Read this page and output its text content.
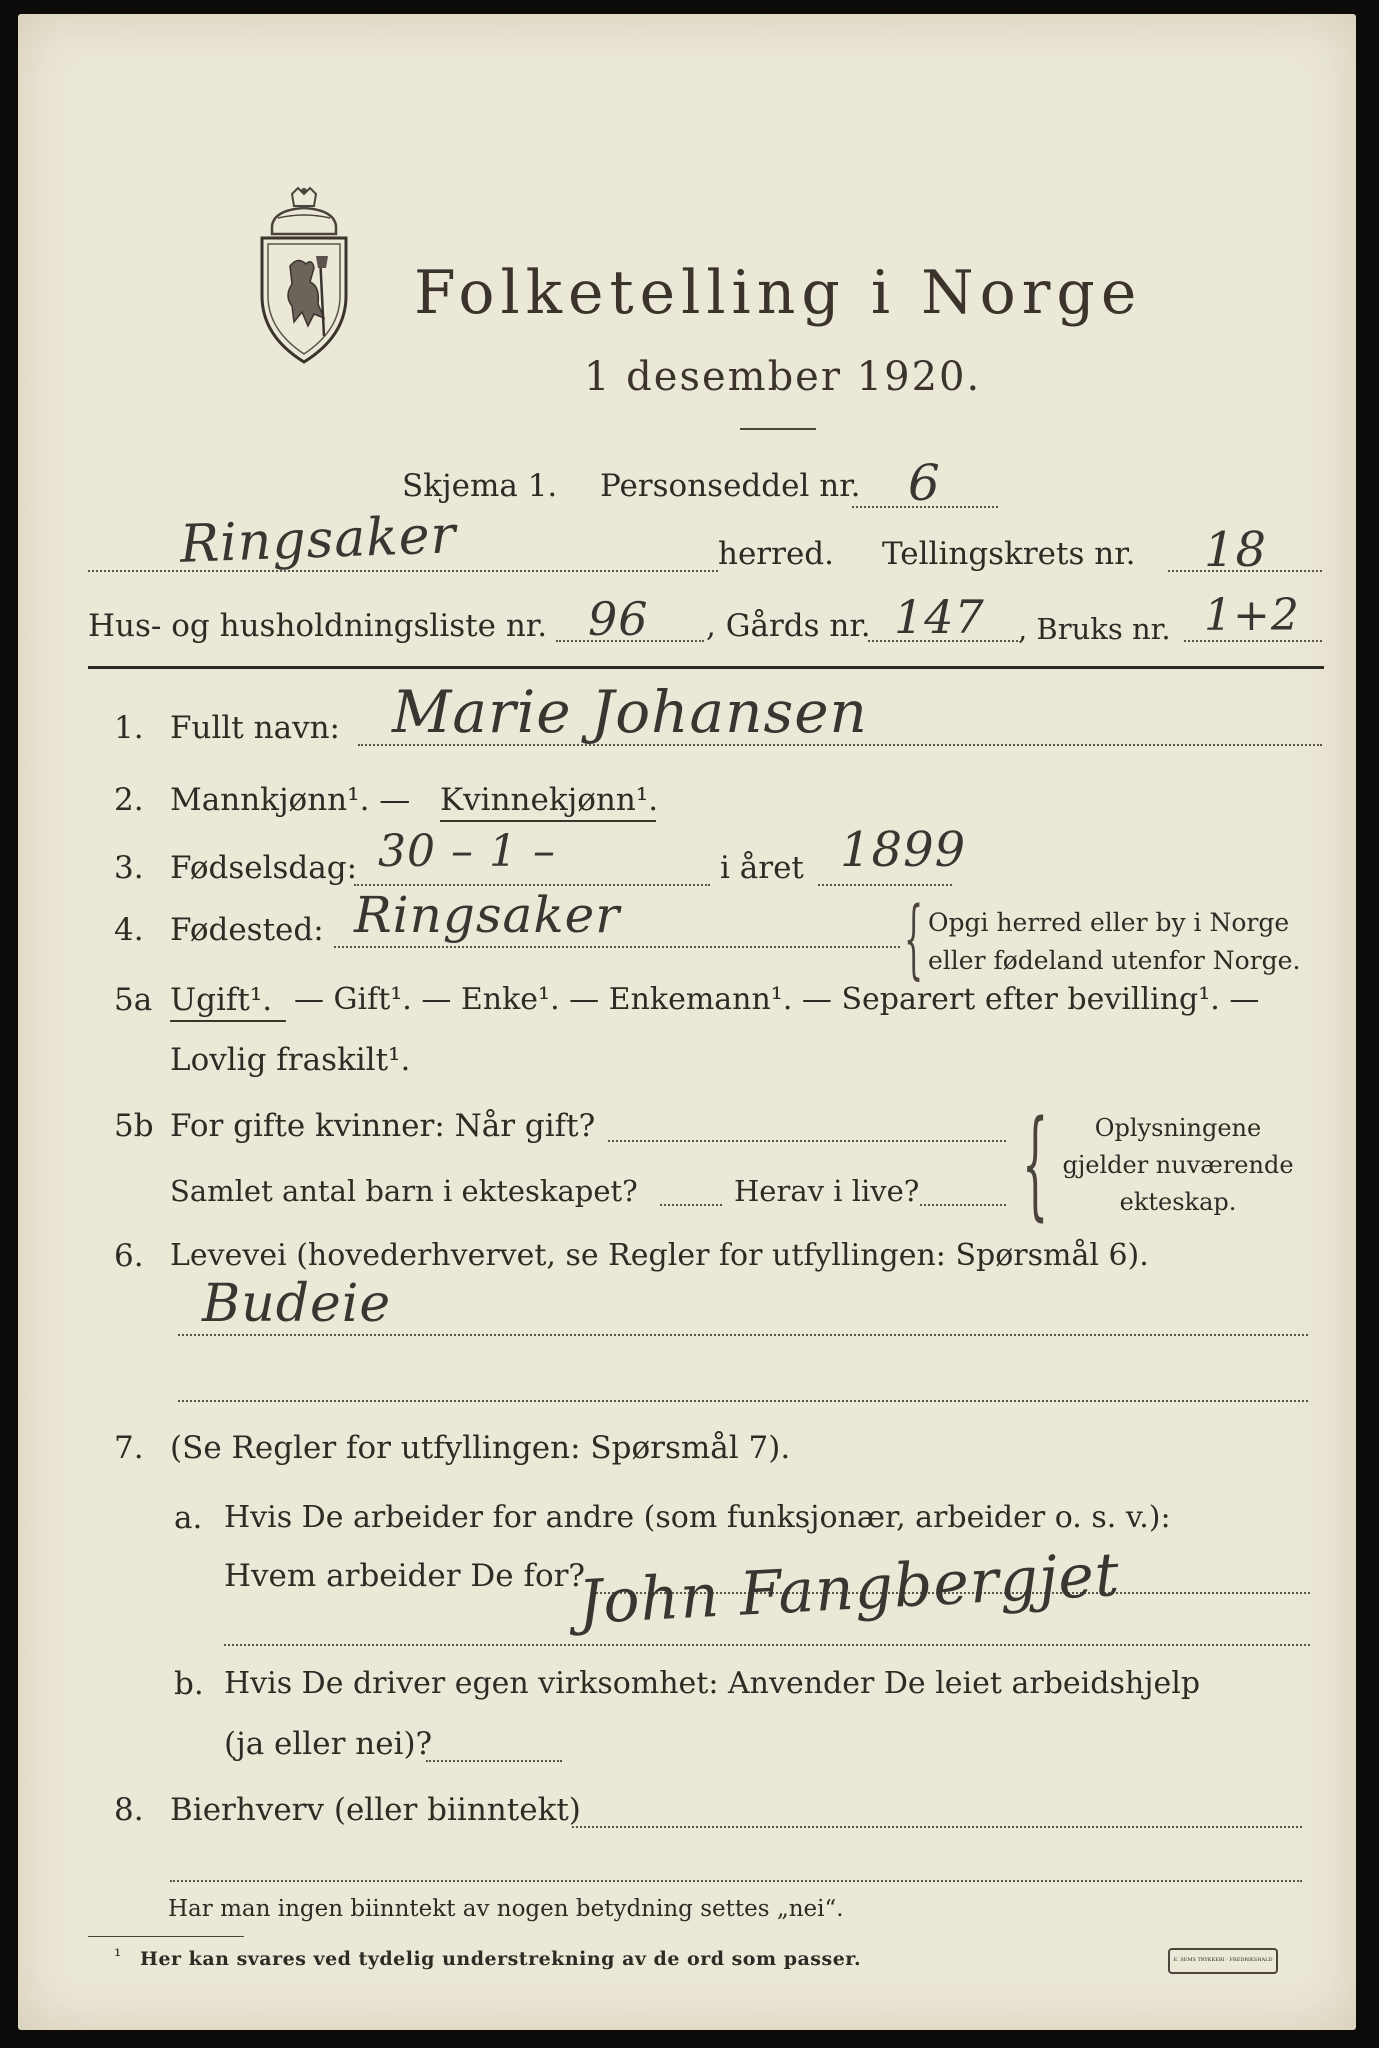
Folketelling i Norge
1 desember 1920.
Skjema 1. Personseddel nr. 6
Ringsaker	herred. Tellingskrets nr. 18
Hus- og husholdningsliste nr. 96 , Gårds nr. 147 , Bruks nr. 1+2
1. Fullt navn: Marie Johansen
2. Mannkjønn¹. — Kvinnekjønn¹.
3. Fødselsdag: 30 – 1 –	i året 1899
4. Fødested: Ringsaker	{ Opgi herred eller by i Norge
eller fødeland utenfor Norge.
5a Ugift¹. — Gift¹. — Enke¹. — Enkemann¹. — Separert efter bevilling¹. —
Lovlig fraskilt¹.
5b For gifte kvinner: Når gift?
Samlet antal barn i ekteskapet?	Herav i live? {	Oplysningene
gjelder nuværende
ekteskap.
6. Levevei (hovederhvervet, se Regler for utfyllingen: Spørsmål 6).
Budeie
7. (Se Regler for utfyllingen: Spørsmål 7).
a. Hvis De arbeider for andre (som funksjonær, arbeider o. s. v.):
Hvem arbeider De for?
John Fangbergjet
b. Hvis De driver egen virksomhet: Anvender De leiet arbeidshjelp
(ja eller nei)?
8. Bierhverv (eller biinntekt)
Har man ingen biinntekt av nogen betydning settes „nei“.
¹ Her kan svares ved tydelig understrekning av de ord som passer.	E. SEMS TRYKKERI · FREDRIKSHALD
